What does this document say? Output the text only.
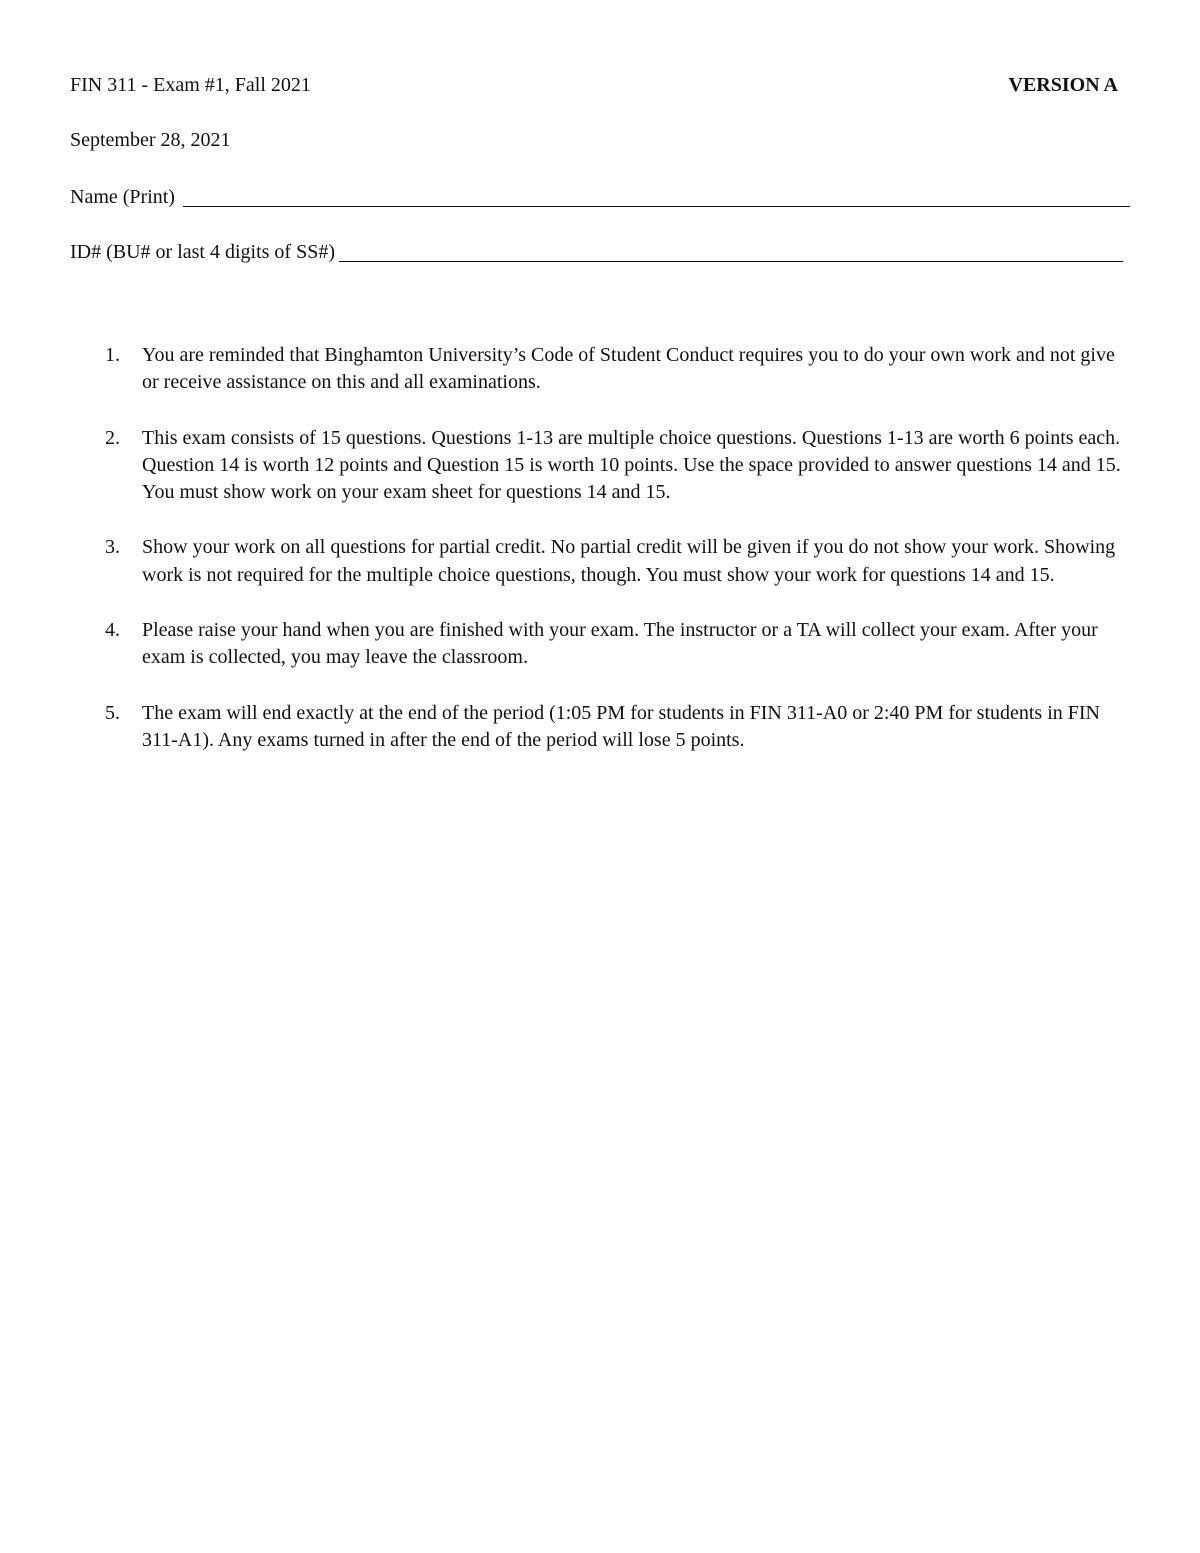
FIN 311 - Exam #1, Fall 2021	VERSION A
September 28, 2021
Name (Print)
ID# (BU# or last 4 digits of SS#)
1. You are reminded that Binghamton University’s Code of Student Conduct requires you to do your own work and not give or receive assistance on this and all examinations.
2. This exam consists of 15 questions. Questions 1-13 are multiple choice questions. Questions 1-13 are worth 6 points each. Question 14 is worth 12 points and Question 15 is worth 10 points. Use the space provided to answer questions 14 and 15. You must show work on your exam sheet for questions 14 and 15.
3. Show your work on all questions for partial credit. No partial credit will be given if you do not show your work. Showing work is not required for the multiple choice questions, though. You must show your work for questions 14 and 15.
4. Please raise your hand when you are finished with your exam. The instructor or a TA will collect your exam. After your exam is collected, you may leave the classroom.
5. The exam will end exactly at the end of the period (1:05 PM for students in FIN 311-A0 or 2:40 PM for students in FIN 311-A1). Any exams turned in after the end of the period will lose 5 points.
